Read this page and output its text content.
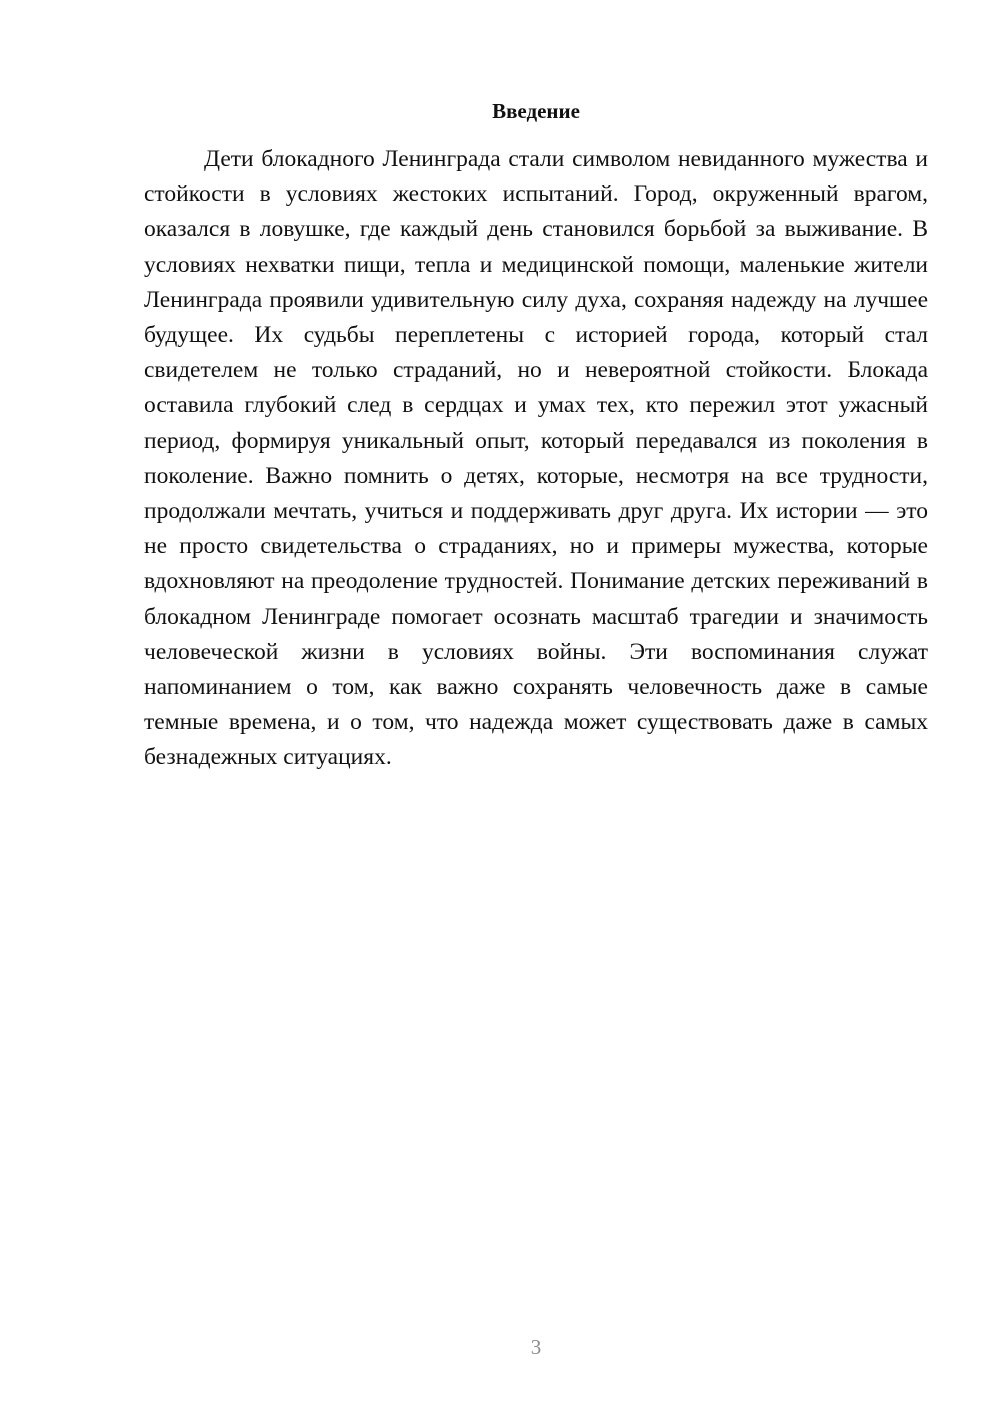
Введение

Дети блокадного Ленинграда стали символом невиданного мужества и стойкости в условиях жестоких испытаний. Город, окруженный врагом, оказался в ловушке, где каждый день становился борьбой за выживание. В условиях нехватки пищи, тепла и медицинской помощи, маленькие жители Ленинграда проявили удивительную силу духа, сохраняя надежду на лучшее будущее. Их судьбы переплетены с историей города, который стал свидетелем не только страданий, но и невероятной стойкости. Блокада оставила глубокий след в сердцах и умах тех, кто пережил этот ужасный период, формируя уникальный опыт, который передавался из поколения в поколение. Важно помнить о детях, которые, несмотря на все трудности, продолжали мечтать, учиться и поддерживать друг друга. Их истории — это не просто свидетельства о страданиях, но и примеры мужества, которые вдохновляют на преодоление трудностей. Понимание детских переживаний в блокадном Ленинграде помогает осознать масштаб трагедии и значимость человеческой жизни в условиях войны. Эти воспоминания служат напоминанием о том, как важно сохранять человечность даже в самые темные времена, и о том, что надежда может существовать даже в самых безнадежных ситуациях.

3
